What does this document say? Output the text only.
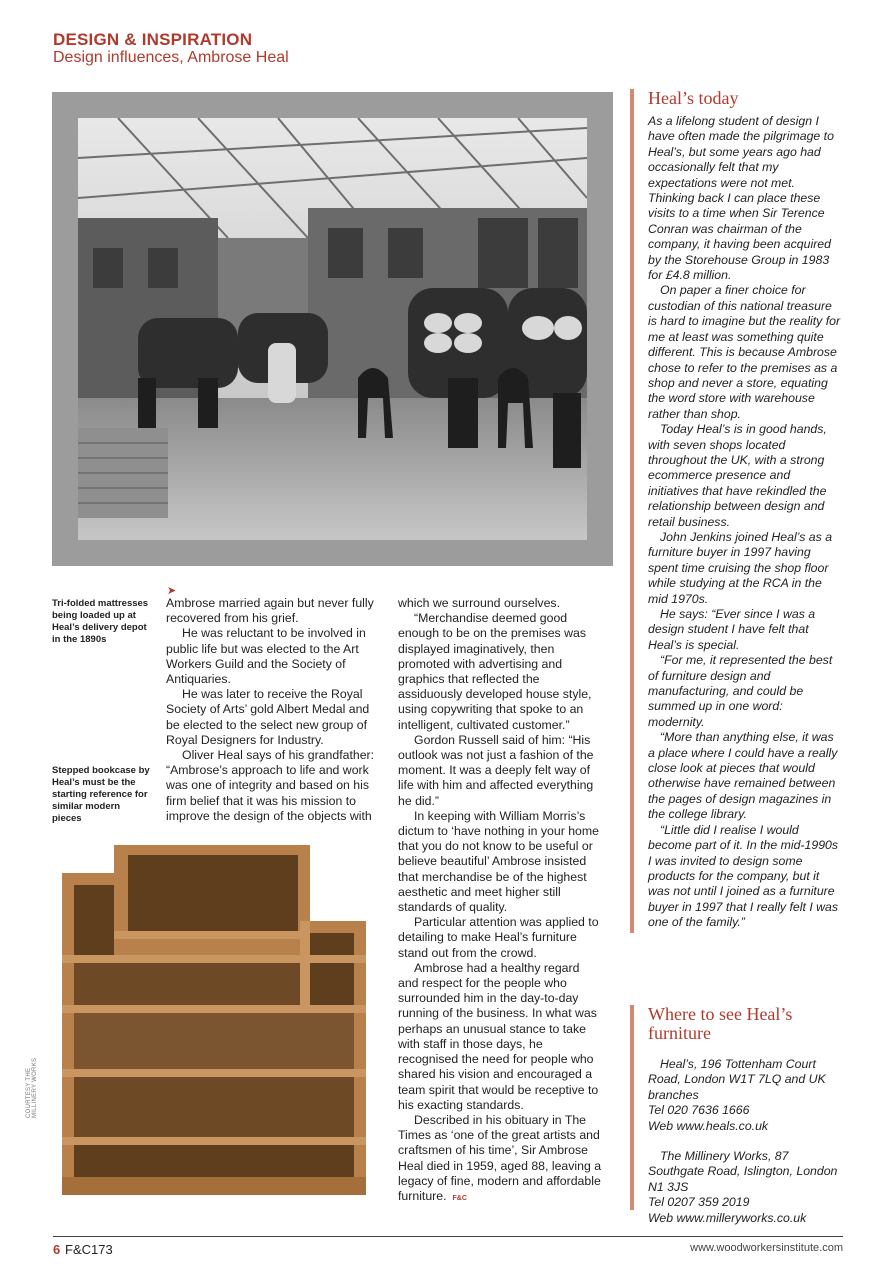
DESIGN & INSPIRATION
Design influences, Ambrose Heal
Tri-folded mattresses being loaded up at Heal’s delivery depot in the 1890s
Stepped bookcase by Heal’s must be the starting reference for similar modern pieces
COURTESY THE MILLINERY WORKS
➤

Ambrose married again but never fully recovered from his grief.

He was reluctant to be involved in public life but was elected to the Art Workers Guild and the Society of Antiquaries.

He was later to receive the Royal Society of Arts’ gold Albert Medal and be elected to the select new group of Royal Designers for Industry.

Oliver Heal says of his grandfather: “Ambrose’s approach to life and work was one of integrity and based on his firm belief that it was his mission to improve the design of the objects with

which we surround ourselves.

“Merchandise deemed good enough to be on the premises was displayed imaginatively, then promoted with advertising and graphics that reflected the assiduously developed house style, using copywriting that spoke to an intelligent, cultivated customer.”

Gordon Russell said of him: “His outlook was not just a fashion of the moment. It was a deeply felt way of life with him and affected everything he did.”

In keeping with William Morris’s dictum to ‘have nothing in your home that you do not know to be useful or believe beautiful’ Ambrose insisted that merchandise be of the highest aesthetic and meet higher still standards of quality.

Particular attention was applied to detailing to make Heal’s furniture stand out from the crowd.

Ambrose had a healthy regard and respect for the people who surrounded him in the day-to-day running of the business. In what was perhaps an unusual stance to take with staff in those days, he recognised the need for people who shared his vision and encouraged a team spirit that would be receptive to his exacting standards.

Described in his obituary in The Times as ‘one of the great artists and craftsmen of his time’, Sir Ambrose Heal died in 1959, aged 88, leaving a legacy of fine, modern and affordable furniture. F&C

Heal’s today

As a lifelong student of design I have often made the pilgrimage to Heal’s, but some years ago had occasionally felt that my expectations were not met. Thinking back I can place these visits to a time when Sir Terence Conran was chairman of the company, it having been acquired by the Storehouse Group in 1983 for £4.8 million.

On paper a finer choice for custodian of this national treasure is hard to imagine but the reality for me at least was something quite different. This is because Ambrose chose to refer to the premises as a shop and never a store, equating the word store with warehouse rather than shop.

Today Heal’s is in good hands, with seven shops located throughout the UK, with a strong ecommerce presence and initiatives that have rekindled the relationship between design and retail business.

John Jenkins joined Heal’s as a furniture buyer in 1997 having spent time cruising the shop floor while studying at the RCA in the mid 1970s.

He says: “Ever since I was a design student I have felt that Heal’s is special.

“For me, it represented the best of furniture design and manufacturing, and could be summed up in one word: modernity.

“More than anything else, it was a place where I could have a really close look at pieces that would otherwise have remained between the pages of design magazines in the college library.

“Little did I realise I would become part of it. In the mid-1990s I was invited to design some products for the company, but it was not until I joined as a furniture buyer in 1997 that I really felt I was one of the family.”

Where to see Heal’s furniture

Heal’s, 196 Tottenham Court Road, London W1T 7LQ and UK branches
Tel 020 7636 1666
Web www.heals.co.uk

The Millinery Works, 87 Southgate Road, Islington, London N1 3JS
Tel 0207 359 2019
Web www.milleryworks.co.uk

6 F&C173	www.woodworkersinstitute.com
